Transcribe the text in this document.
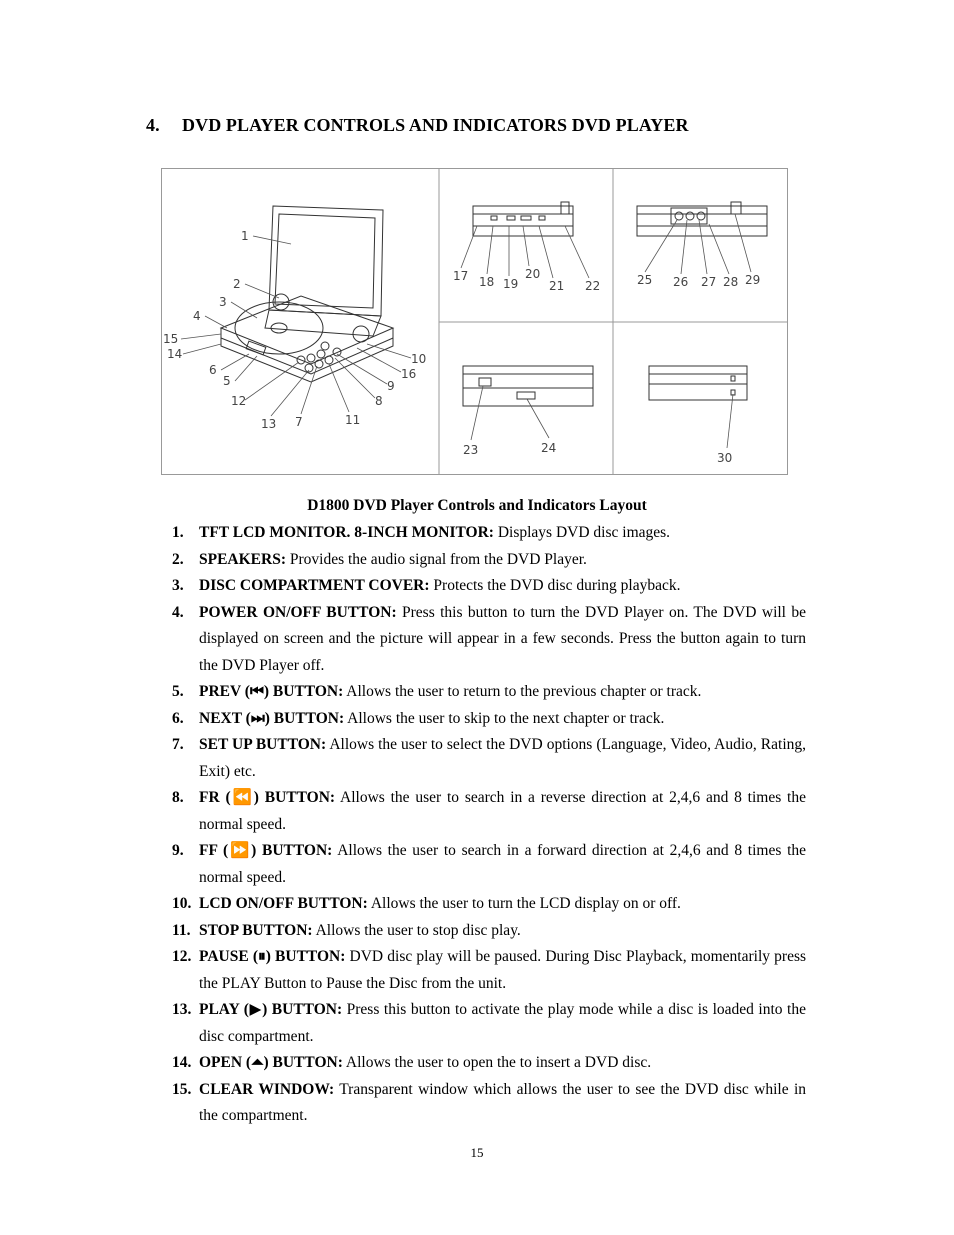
4. DVD PLAYER CONTROLS AND INDICATORS DVD PLAYER
1
2
3
4
15
14
6
5
12
13 7	11
8
9
16
10
17 18 19
20
21 22	25 26 27 28 29
23	24
30
D1800 DVD Player Controls and Indicators Layout
1. TFT LCD MONITOR. 8-INCH MONITOR: Displays DVD disc images.
2. SPEAKERS: Provides the audio signal from the DVD Player.
3. DISC COMPARTMENT COVER: Protects the DVD disc during playback.
4. POWER ON/OFF BUTTON: Press this button to turn the DVD Player on. The DVD will be displayed on screen and the picture will appear in a few seconds. Press the button again to turn the DVD Player off.
5. PREV (⏮) BUTTON: Allows the user to return to the previous chapter or track.
6. NEXT (⏭) BUTTON: Allows the user to skip to the next chapter or track.
7. SET UP BUTTON: Allows the user to select the DVD options (Language, Video, Audio, Rating, Exit) etc.
8. FR (⏪) BUTTON: Allows the user to search in a reverse direction at 2,4,6 and 8 times the normal speed.
9. FF (⏩) BUTTON: Allows the user to search in a forward direction at 2,4,6 and 8 times the normal speed.
10. LCD ON/OFF BUTTON: Allows the user to turn the LCD display on or off.
11. STOP BUTTON: Allows the user to stop disc play.
12. PAUSE (⏸) BUTTON: DVD disc play will be paused. During Disc Playback, momentarily press the PLAY Button to Pause the Disc from the unit.
13. PLAY (▶) BUTTON: Press this button to activate the play mode while a disc is loaded into the disc compartment.
14. OPEN (⏶) BUTTON: Allows the user to open the to insert a DVD disc.
15. CLEAR WINDOW: Transparent window which allows the user to see the DVD disc while in the compartment.
15
